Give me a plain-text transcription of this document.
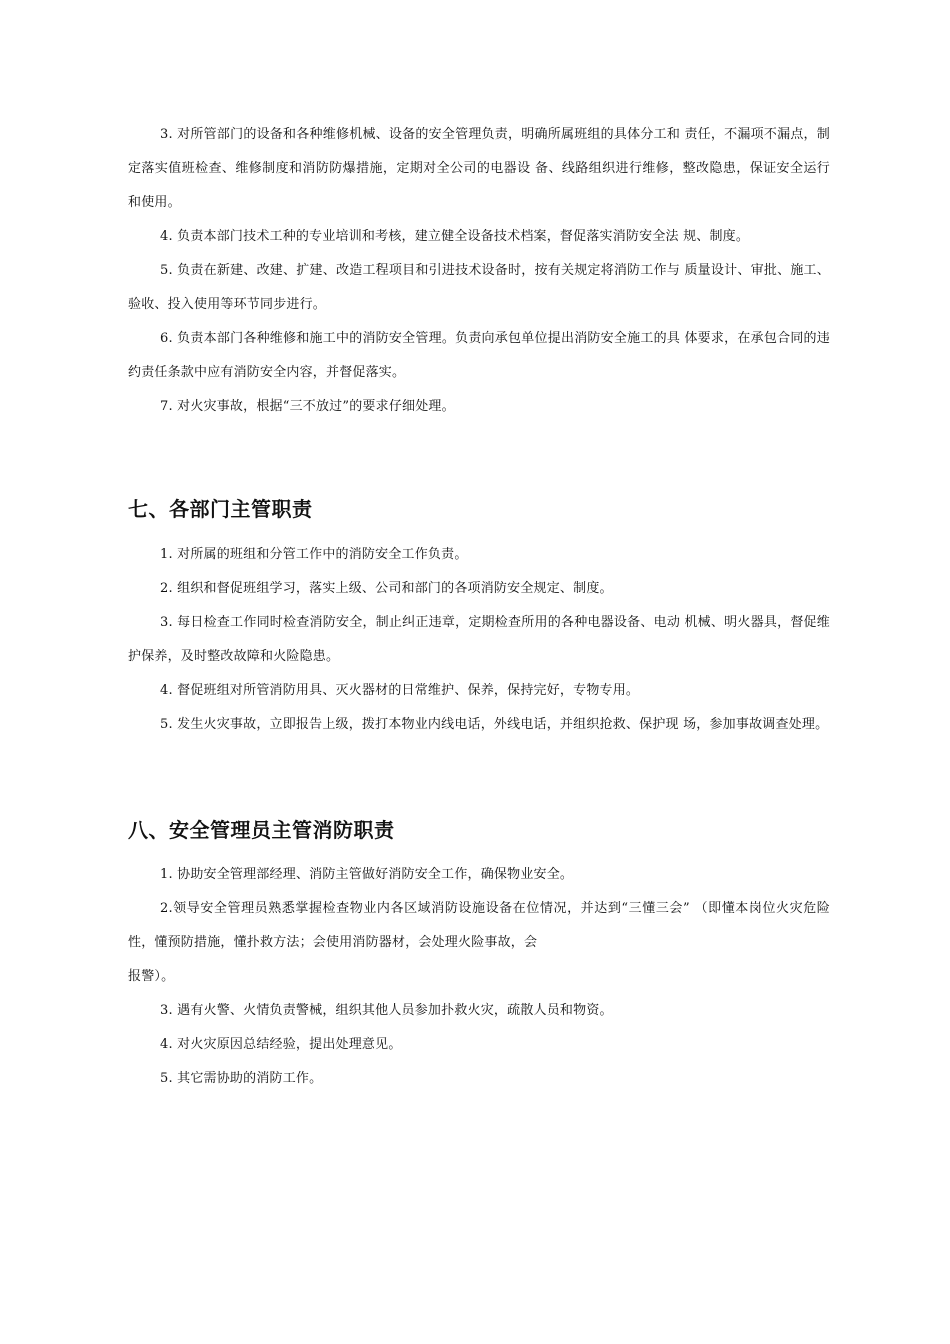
3. 对所管部门的设备和各种维修机械、设备的安全管理负责，明确所属班组的具体分工和 责任，不漏项不漏点，制定落实值班检查、维修制度和消防防爆措施，定期对全公司的电器设 备、线路组织进行维修，整改隐患，保证安全运行和使用。

4. 负责本部门技术工种的专业培训和考核，建立健全设备技术档案，督促落实消防安全法 规、制度。

5. 负责在新建、改建、扩建、改造工程项目和引进技术设备时，按有关规定将消防工作与 质量设计、审批、施工、验收、投入使用等环节同步进行。

6. 负责本部门各种维修和施工中的消防安全管理。负责向承包单位提出消防安全施工的具 体要求，在承包合同的违约责任条款中应有消防安全内容，并督促落实。

7. 对火灾事故，根据“三不放过”的要求仔细处理。

七、各部门主管职责

1. 对所属的班组和分管工作中的消防安全工作负责。

2. 组织和督促班组学习，落实上级、公司和部门的各项消防安全规定、制度。

3. 每日检查工作同时检查消防安全，制止纠正违章，定期检查所用的各种电器设备、电动 机械、明火器具，督促维护保养，及时整改故障和火险隐患。

4. 督促班组对所管消防用具、灭火器材的日常维护、保养，保持完好，专物专用。

5. 发生火灾事故，立即报告上级，拨打本物业内线电话，外线电话，并组织抢救、保护现 场，参加事故调查处理。

八、安全管理员主管消防职责

1. 协助安全管理部经理、消防主管做好消防安全工作，确保物业安全。

2.领导安全管理员熟悉掌握检查物业内各区域消防设施设备在位情况，并达到“三懂三会” （即懂本岗位火灾危险性，懂预防措施，懂扑救方法；会使用消防器材，会处理火险事故，会

报警）。

3. 遇有火警、火情负责警械，组织其他人员参加扑救火灾，疏散人员和物资。

4. 对火灾原因总结经验，提出处理意见。

5. 其它需协助的消防工作。
